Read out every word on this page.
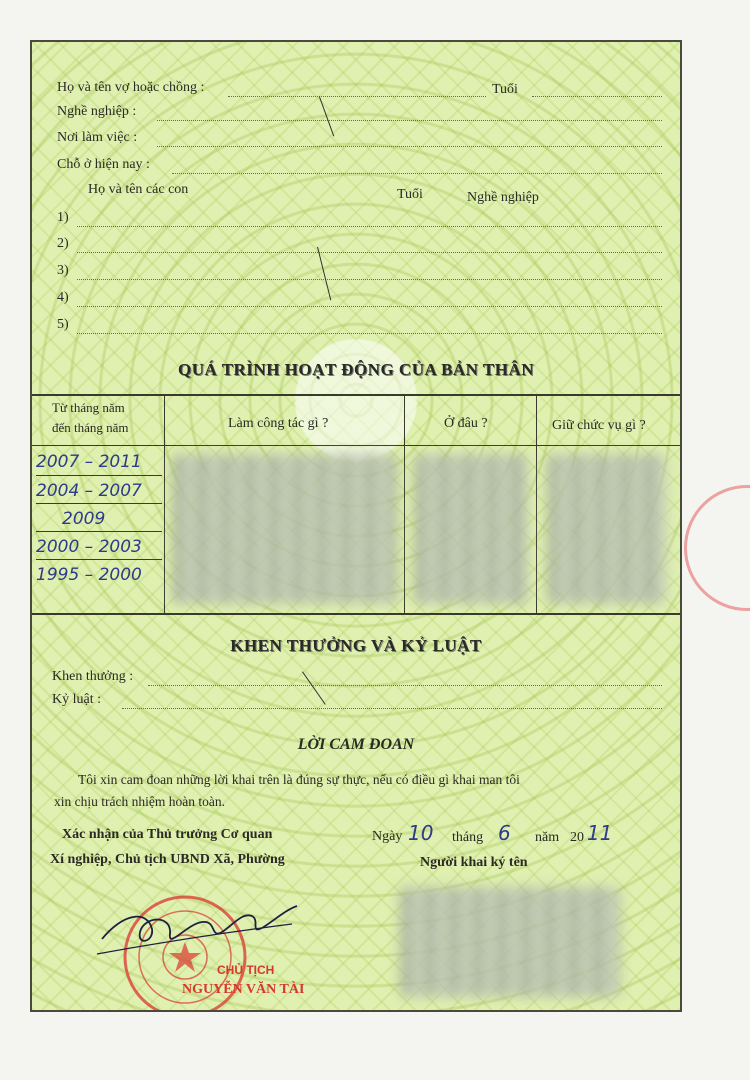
Họ và tên vợ hoặc chồng :	Tuổi
Nghề nghiệp :
Nơi làm việc :
Chỗ ở hiện nay :
Họ và tên các con	Tuổi	Nghề nghiệp
1)
2)
3)
4)
5)
QUÁ TRÌNH HOẠT ĐỘNG CỦA BẢN THÂN
Từ tháng năm
đến tháng năm	Làm công tác gì ?	Ở đâu ?	Giữ chức vụ gì ?
2007 – 2011
2004 – 2007
2009
2000 – 2003
1995 – 2000
KHEN THƯỞNG VÀ KỶ LUẬT
Khen thưởng :
Kỷ luật :
LỜI CAM ĐOAN
Tôi xin cam đoan những lời khai trên là đúng sự thực, nếu có điều gì khai man tôi
xin chịu trách nhiệm hoàn toàn.
Xác nhận của Thủ trưởng Cơ quan
Xí nghiệp, Chủ tịch UBND Xã, Phường
Ngày 10 tháng 6 năm 20 11
Người khai ký tên
CHỦ TỊCH
NGUYỄN VĂN TÀI
